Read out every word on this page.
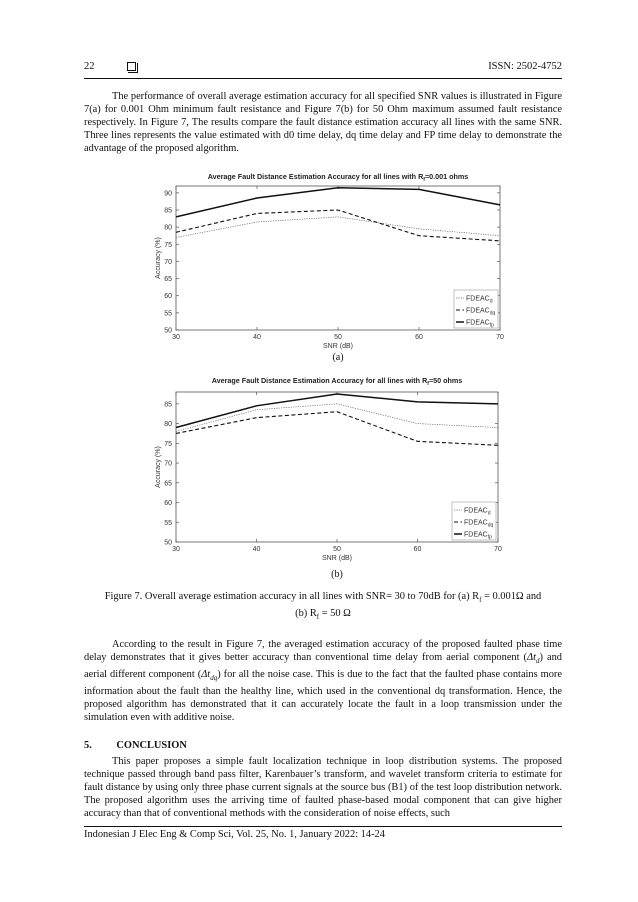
22	ISSN: 2502-4752
The performance of overall average estimation accuracy for all specified SNR values is illustrated in Figure 7(a) for 0.001 Ohm minimum fault resistance and Figure 7(b) for 50 Ohm maximum assumed fault resistance respectively. In Figure 7, The results compare the fault distance estimation accuracy all lines with the same SNR. Three lines represents the value estimated with d0 time delay, dq time delay and FP time delay to demonstrate the advantage of the proposed algorithm.
Average Fault Distance Estimation Accuracy for all lines with $R_f=0.001$ ohms
50
55
60
65
70
75
80
85
90
30	40	50	60	70
SNR (dB)
Accuracy (%)
$FDEAC_d$
$FDEAC_{dq}$
$FDEAC_{fp}$
(a)
Average Fault Distance Estimation Accuracy for all lines with $R_f=50$ ohms
50
55
60
65
70
75
80
85
30	40	50	60	70
SNR (dB)
Accuracy (%)
$FDEAC_d$
$FDEAC_{dq}$
$FDEAC_{fp}$
(b)
Figure 7. Overall average estimation accuracy in all lines with SNR= 30 to 70dB for (a) $R_f = 0.001\Omega$ and
(b) $R_f = 50$ Ω
According to the result in Figure 7, the averaged estimation accuracy of the proposed faulted phase time delay demonstrates that it gives better accuracy than conventional time delay from aerial component $(\Delta t_d)$ and aerial different component $(\Delta t_{dq})$ for all the noise case. This is due to the fact that the faulted phase contains more information about the fault than the healthy line, which used in the conventional dq transformation. Hence, the proposed algorithm has demonstrated that it can accurately locate the fault in a loop transmission under the simulation even with additive noise.
5. CONCLUSION
This paper proposes a simple fault localization technique in loop distribution systems. The proposed technique passed through band pass filter, Karenbauer’s transform, and wavelet transform criteria to estimate for fault distance by using only three phase current signals at the source bus (B1) of the test loop distribution network. The proposed algorithm uses the arriving time of faulted phase-based modal component that can give higher accuracy than that of conventional methods with the consideration of noise effects, such
Indonesian J Elec Eng & Comp Sci, Vol. 25, No. 1, January 2022: 14-24
